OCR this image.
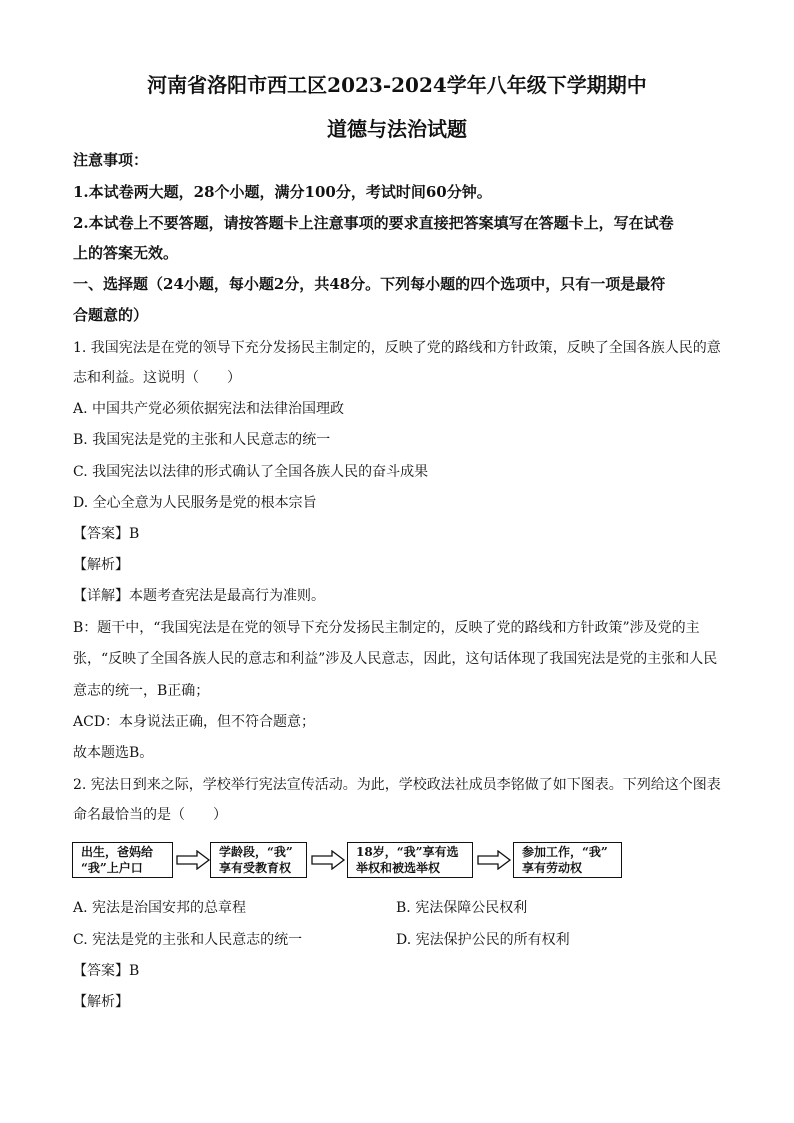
河南省洛阳市西工区2023-2024学年八年级下学期期中
道德与法治试题
注意事项：
1.本试卷两大题，28个小题，满分100分，考试时间60分钟。
2.本试卷上不要答题，请按答题卡上注意事项的要求直接把答案填写在答题卡上，写在试卷
上的答案无效。
一、选择题（24小题，每小题2分，共48分。下列每小题的四个选项中，只有一项是最符
合题意的）
1. 我国宪法是在党的领导下充分发扬民主制定的，反映了党的路线和方针政策，反映了全国各族人民的意
志和利益。这说明（　　）
A. 中国共产党必须依据宪法和法律治国理政
B. 我国宪法是党的主张和人民意志的统一
C. 我国宪法以法律的形式确认了全国各族人民的奋斗成果
D. 全心全意为人民服务是党的根本宗旨
【答案】B
【解析】
【详解】本题考查宪法是最高行为准则。
B：题干中，“我国宪法是在党的领导下充分发扬民主制定的，反映了党的路线和方针政策”涉及党的主
张，“反映了全国各族人民的意志和利益”涉及人民意志，因此，这句话体现了我国宪法是党的主张和人民
意志的统一，B正确；
ACD：本身说法正确，但不符合题意；
故本题选B。
2. 宪法日到来之际，学校举行宪法宣传活动。为此，学校政法社成员李铭做了如下图表。下列给这个图表
命名最恰当的是（　　）
出生，爸妈给
“我”上户口
学龄段，“我”
享有受教育权
18岁，“我”享有选
举权和被选举权
参加工作，“我”
享有劳动权
A. 宪法是治国安邦的总章程	B. 宪法保障公民权利
C. 宪法是党的主张和人民意志的统一	D. 宪法保护公民的所有权利
【答案】B
【解析】
